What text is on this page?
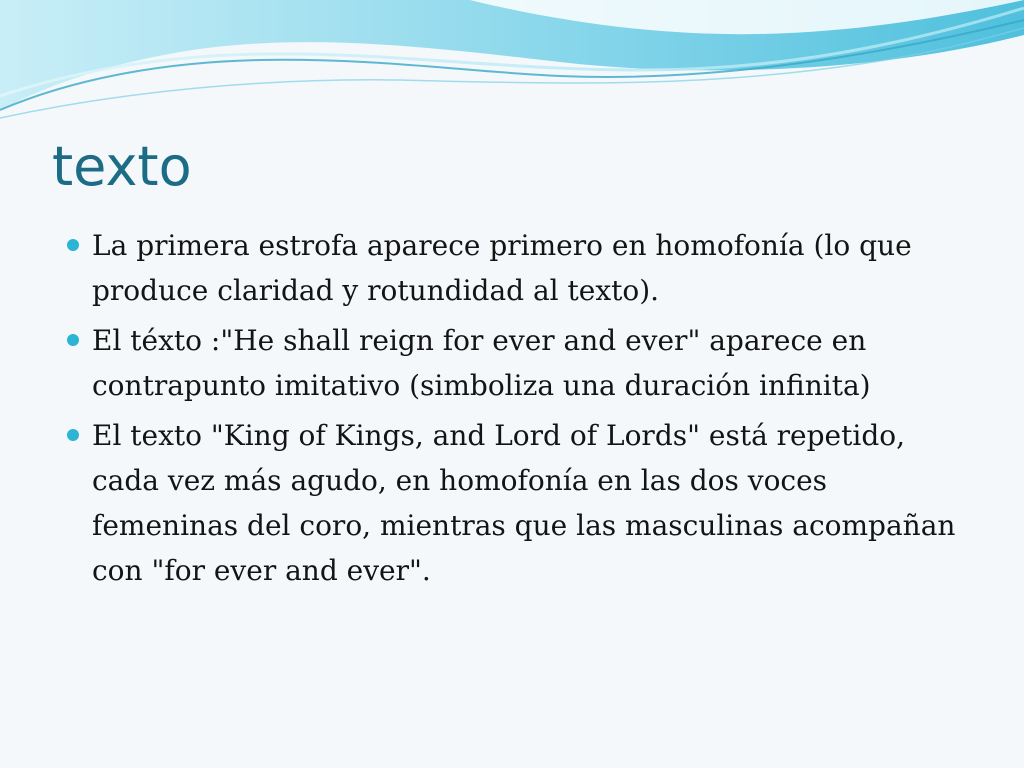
texto
La primera estrofa aparece primero en homofonía (lo que produce claridad y rotundidad al texto).
El téxto :"He shall reign for ever and ever" aparece en contrapunto imitativo (simboliza una duración infinita)
El texto "King of Kings, and Lord of Lords" está repetido, cada vez más agudo, en homofonía en las dos voces femeninas del coro, mientras que las masculinas acompañan con "for ever and ever".
